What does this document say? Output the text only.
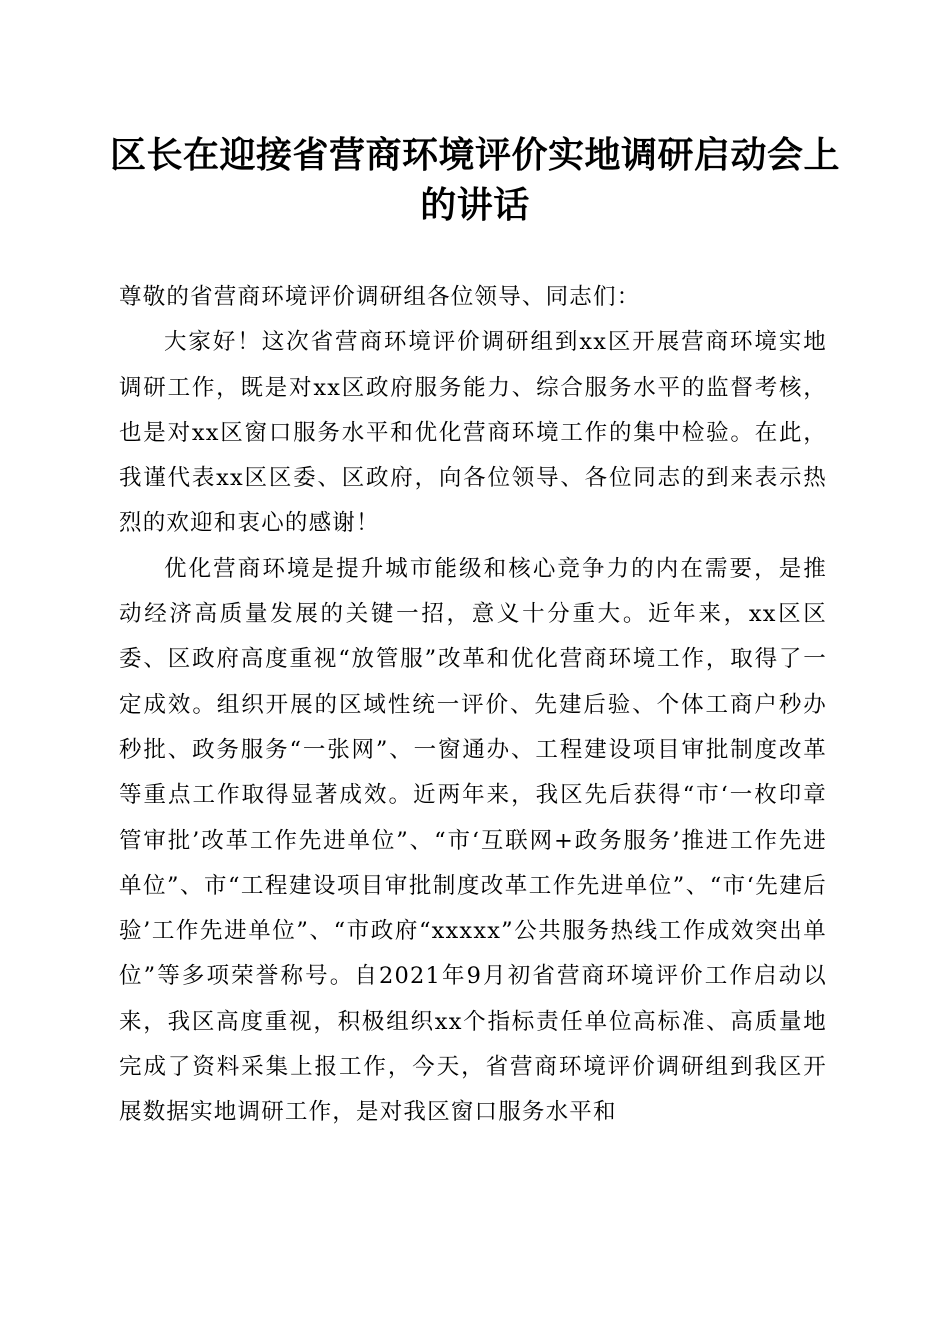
区长在迎接省营商环境评价实地调研启动会上的讲话

尊敬的省营商环境评价调研组各位领导、同志们：

大家好！这次省营商环境评价调研组到xx区开展营商环境实地调研工作，既是对xx区政府服务能力、综合服务水平的监督考核，也是对xx区窗口服务水平和优化营商环境工作的集中检验。在此，我谨代表xx区区委、区政府，向各位领导、各位同志的到来表示热烈的欢迎和衷心的感谢！

优化营商环境是提升城市能级和核心竞争力的内在需要，是推动经济高质量发展的关键一招，意义十分重大。近年来，xx区区委、区政府高度重视“放管服”改革和优化营商环境工作，取得了一定成效。组织开展的区域性统一评价、先建后验、个体工商户秒办秒批、政务服务“一张网”、一窗通办、工程建设项目审批制度改革等重点工作取得显著成效。近两年来，我区先后获得“市‘一枚印章管审批’改革工作先进单位”、“市‘互联网+政务服务’推进工作先进单位”、市“工程建设项目审批制度改革工作先进单位”、“市‘先建后验’工作先进单位”、“市政府“xxxxx”公共服务热线工作成效突出单位”等多项荣誉称号。自2021年9月初省营商环境评价工作启动以来，我区高度重视，积极组织xx个指标责任单位高标准、高质量地完成了资料采集上报工作，今天，省营商环境评价调研组到我区开展数据实地调研工作，是对我区窗口服务水平和
